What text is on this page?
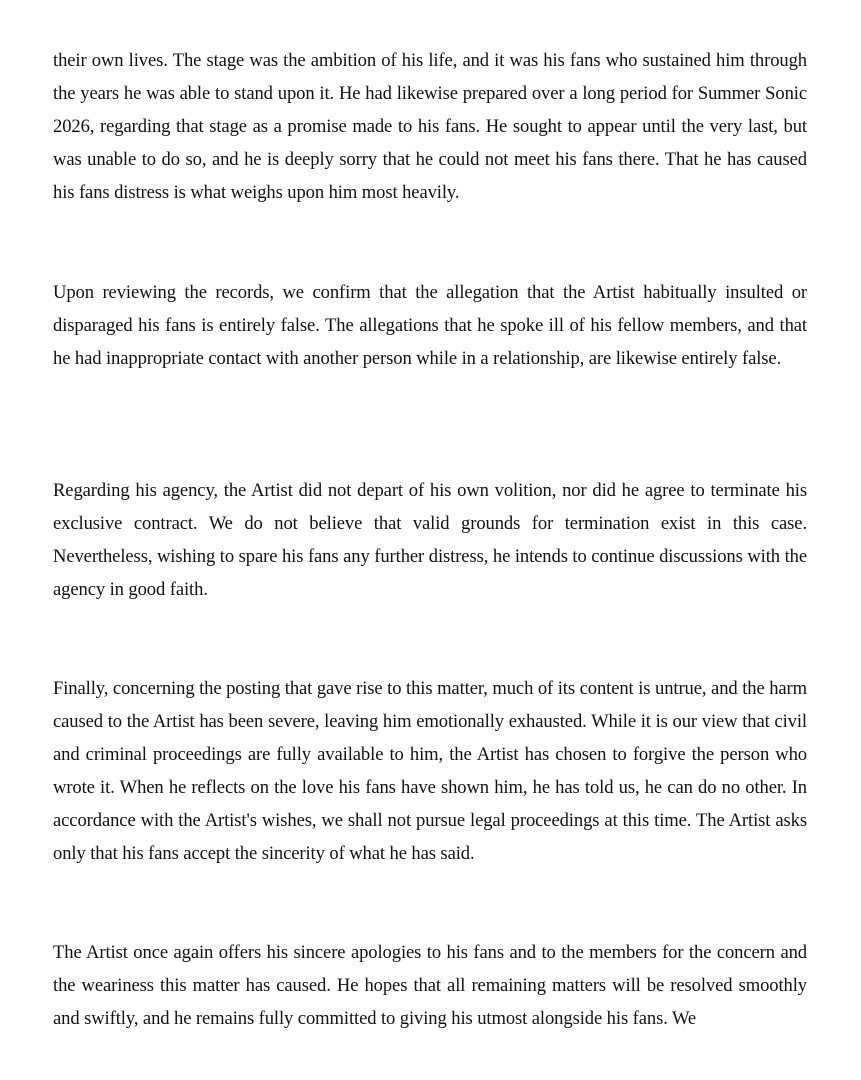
their own lives. The stage was the ambition of his life, and it was his fans who sustained him through the years he was able to stand upon it. He had likewise prepared over a long period for Summer Sonic 2026, regarding that stage as a promise made to his fans. He sought to appear until the very last, but was unable to do so, and he is deeply sorry that he could not meet his fans there. That he has caused his fans distress is what weighs upon him most heavily.

Upon reviewing the records, we confirm that the allegation that the Artist habitually insulted or disparaged his fans is entirely false. The allegations that he spoke ill of his fellow members, and that he had inappropriate contact with another person while in a relationship, are likewise entirely false.

Regarding his agency, the Artist did not depart of his own volition, nor did he agree to terminate his exclusive contract. We do not believe that valid grounds for termination exist in this case. Nevertheless, wishing to spare his fans any further distress, he intends to continue discussions with the agency in good faith.

Finally, concerning the posting that gave rise to this matter, much of its content is untrue, and the harm caused to the Artist has been severe, leaving him emotionally exhausted. While it is our view that civil and criminal proceedings are fully available to him, the Artist has chosen to forgive the person who wrote it. When he reflects on the love his fans have shown him, he has told us, he can do no other. In accordance with the Artist's wishes, we shall not pursue legal proceedings at this time. The Artist asks only that his fans accept the sincerity of what he has said.

The Artist once again offers his sincere apologies to his fans and to the members for the concern and the weariness this matter has caused. He hopes that all remaining matters will be resolved smoothly and swiftly, and he remains fully committed to giving his utmost alongside his fans. We
